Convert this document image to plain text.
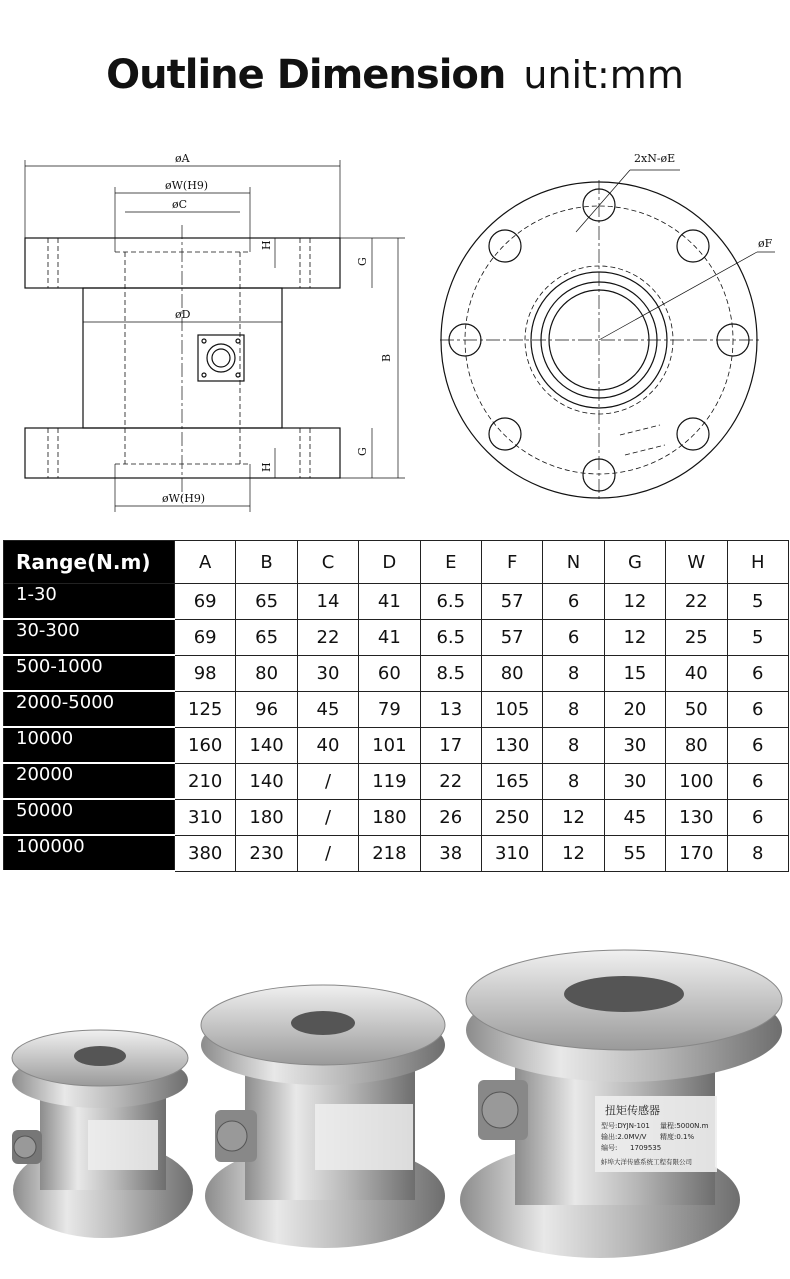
Outline Dimension unit:mm
øA
øW(H9)
øC
øD
øW(H9)
B
G
G
H
H
2xN-øE
øF
Range(N.m)	A	B	C	D	E	F	N	G	W	H
1-30	69	65	14	41	6.5	57	6	12	22	5
30-300	69	65	22	41	6.5	57	6	12	25	5
500-1000	98	80	30	60	8.5	80	8	15	40	6
2000-5000	125	96	45	79	13	105	8	20	50	6
10000	160	140	40	101	17	130	8	30	80	6
20000	210	140	/	119	22	165	8	30	100	6
50000	310	180	/	180	26	250	12	45	130	6
100000	380	230	/	218	38	310	12	55	170	8
扭矩传感器
型号:DYJN-101 量程:5000N.m
输出:2.0MV/V 精度:0.1%
编号: 1709535
蚌埠大洋传感系统工程有限公司
